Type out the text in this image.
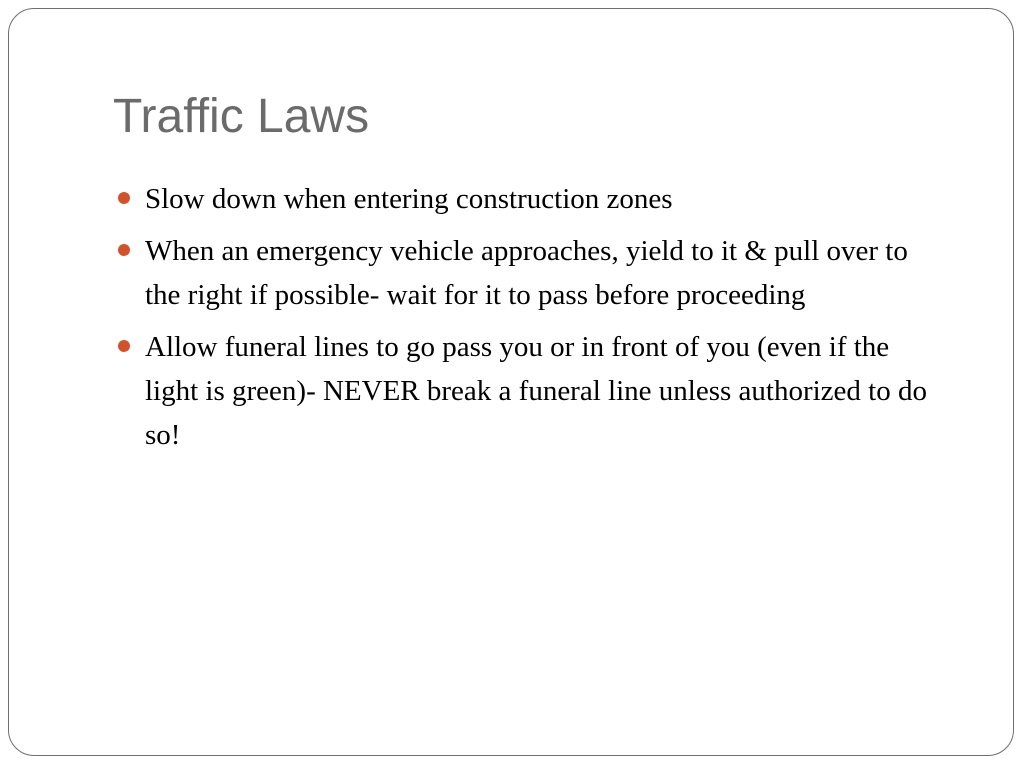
Traffic Laws
Slow down when entering construction zones
When an emergency vehicle approaches, yield to it & pull over to the right if possible- wait for it to pass before proceeding
Allow funeral lines to go pass you or in front of you (even if the light is green)- NEVER break a funeral line unless authorized to do so!
